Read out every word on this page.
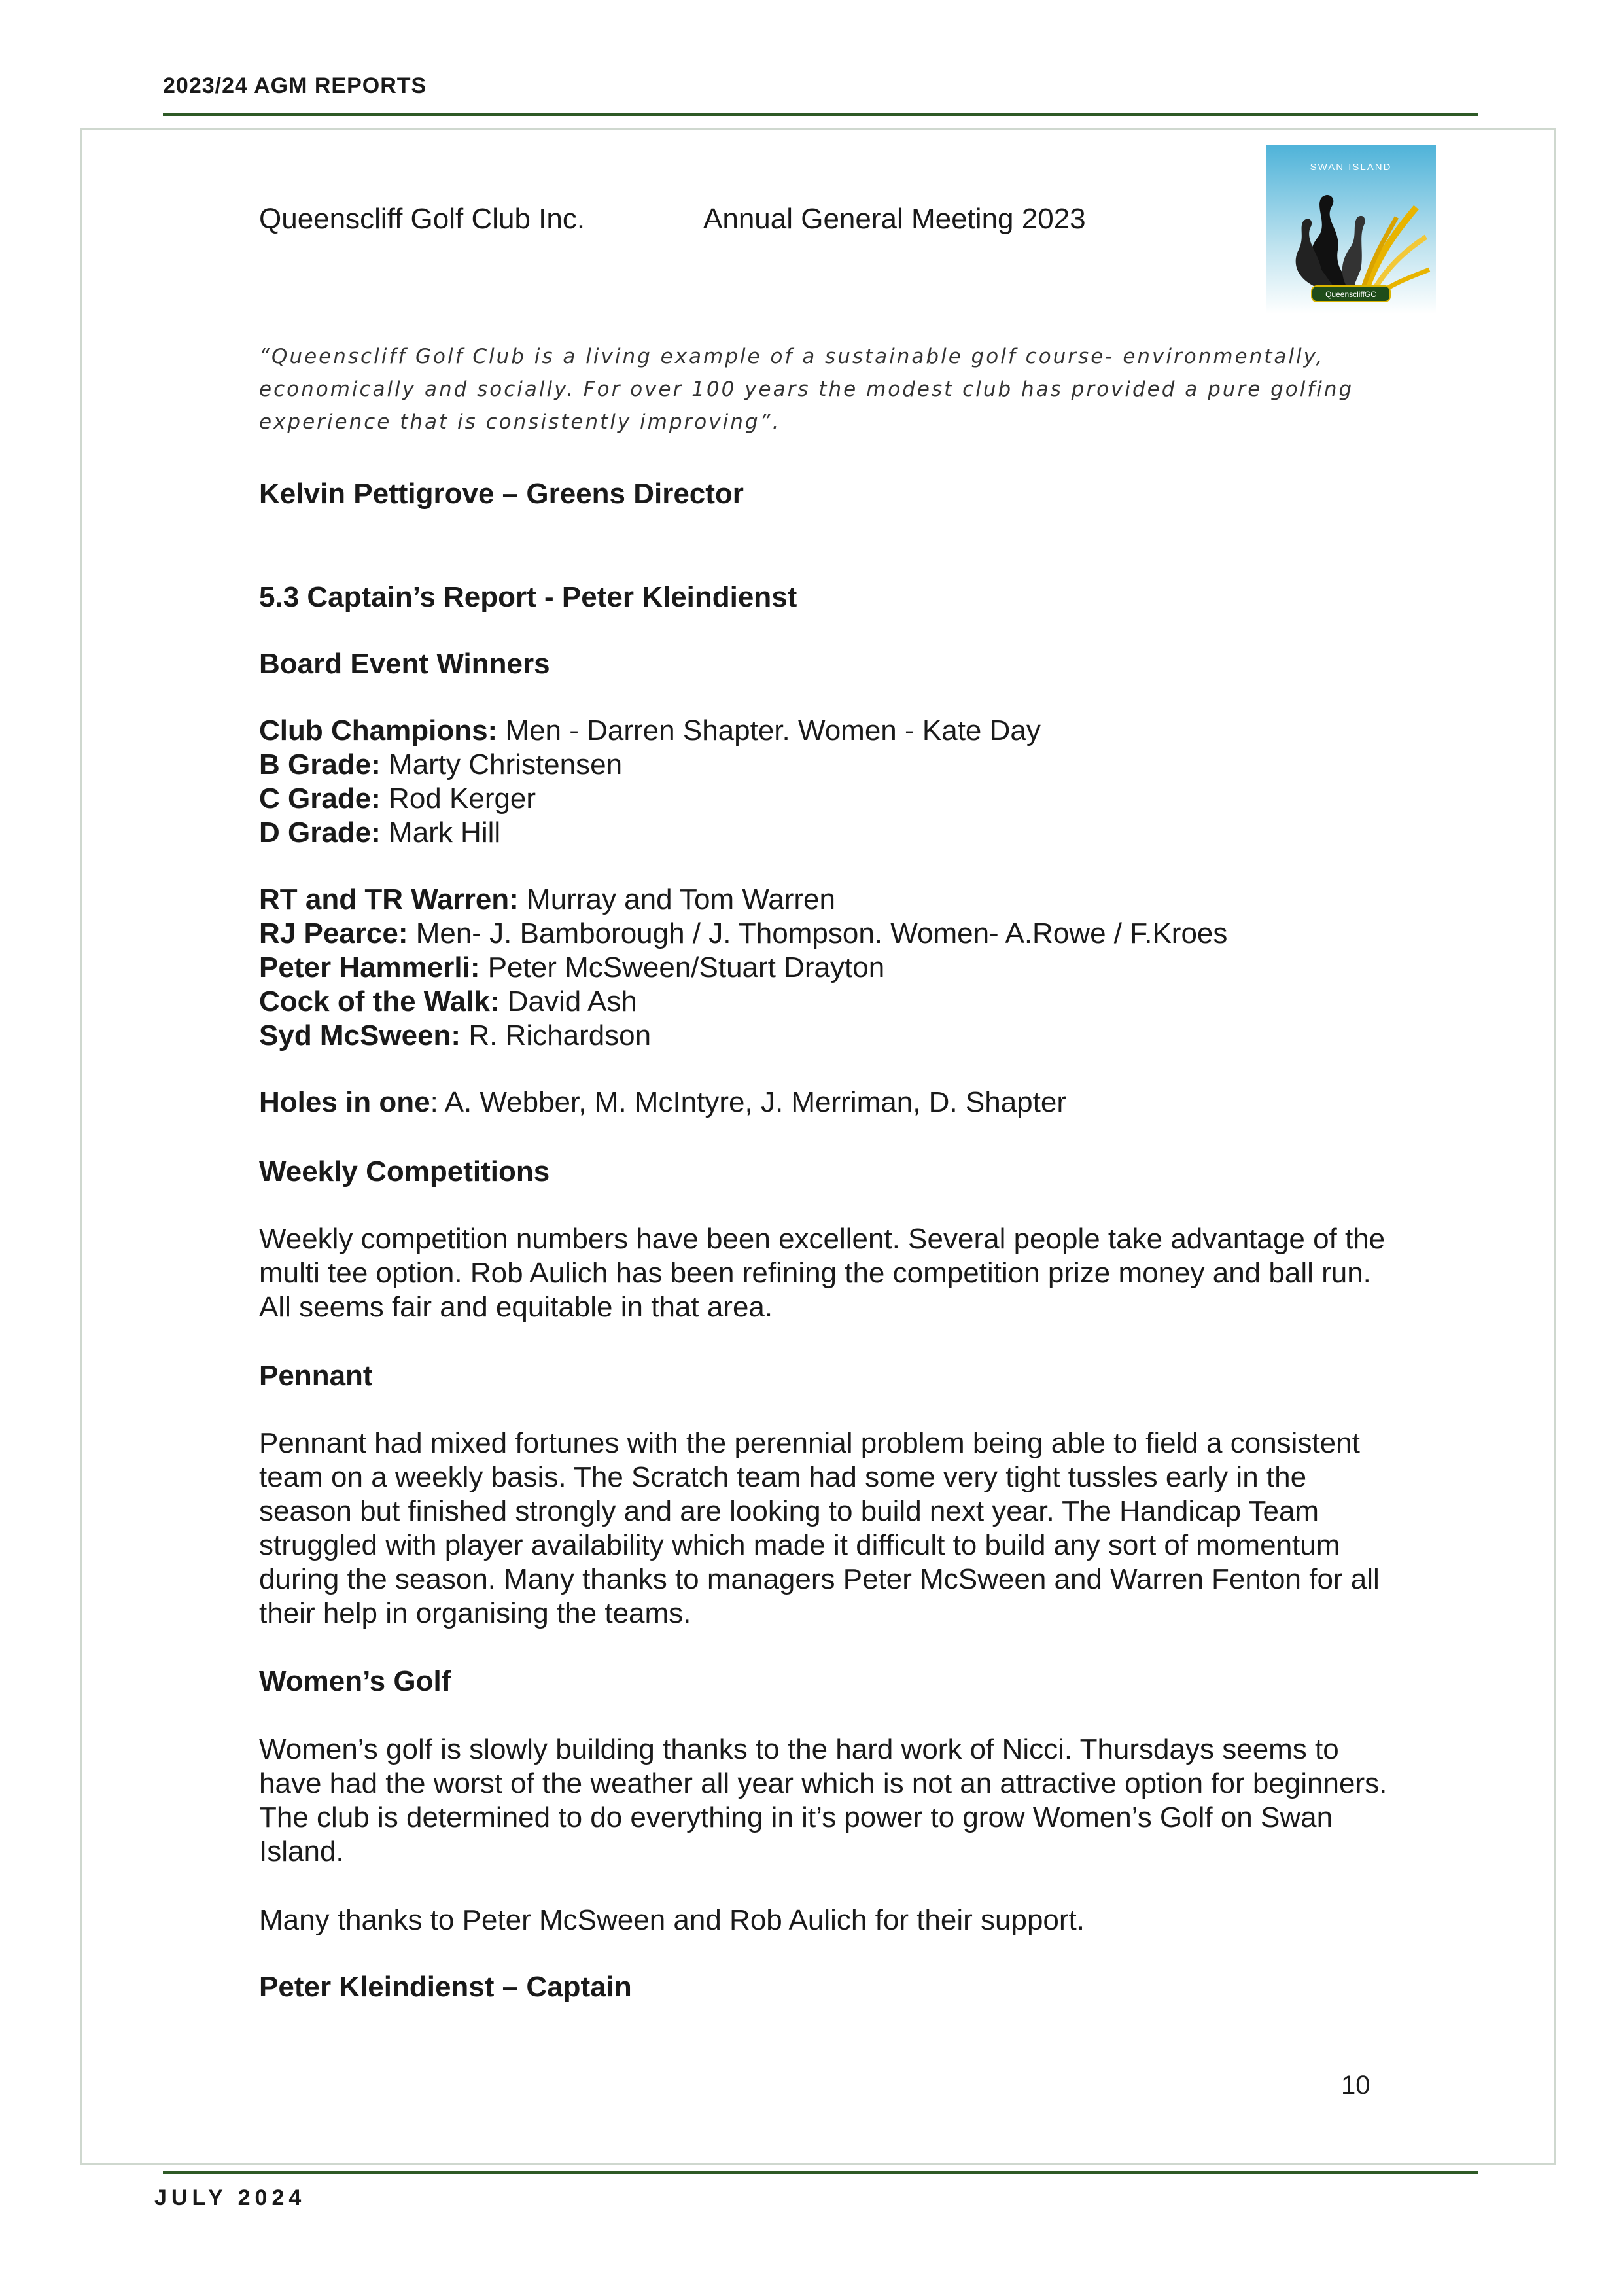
2023/24 AGM REPORTS
Queenscliff Golf Club Inc.	Annual General Meeting 2023
SWAN ISLAND
QueenscliffGC
“Queenscliff Golf Club is a living example of a sustainable golf course- environmentally, economically and socially. For over 100 years the modest club has provided a pure golfing experience that is consistently improving”.
Kelvin Pettigrove – Greens Director
5.3 Captain’s Report - Peter Kleindienst
Board Event Winners
Club Champions: Men - Darren Shapter. Women - Kate Day
B Grade: Marty Christensen
C Grade: Rod Kerger
D Grade: Mark Hill
RT and TR Warren: Murray and Tom Warren
RJ Pearce: Men- J. Bamborough / J. Thompson. Women- A.Rowe / F.Kroes
Peter Hammerli: Peter McSween/Stuart Drayton
Cock of the Walk: David Ash
Syd McSween: R. Richardson
Holes in one: A. Webber, M. McIntyre, J. Merriman, D. Shapter
Weekly Competitions
Weekly competition numbers have been excellent. Several people take advantage of the multi tee option. Rob Aulich has been refining the competition prize money and ball run. All seems fair and equitable in that area.
Pennant
Pennant had mixed fortunes with the perennial problem being able to field a consistent team on a weekly basis. The Scratch team had some very tight tussles early in the season but finished strongly and are looking to build next year. The Handicap Team struggled with player availability which made it difficult to build any sort of momentum during the season. Many thanks to managers Peter McSween and Warren Fenton for all their help in organising the teams.
Women’s Golf
Women’s golf is slowly building thanks to the hard work of Nicci. Thursdays seems to have had the worst of the weather all year which is not an attractive option for beginners. The club is determined to do everything in it’s power to grow Women’s Golf on Swan Island.
Many thanks to Peter McSween and Rob Aulich for their support.
Peter Kleindienst – Captain
10
JULY 2024
